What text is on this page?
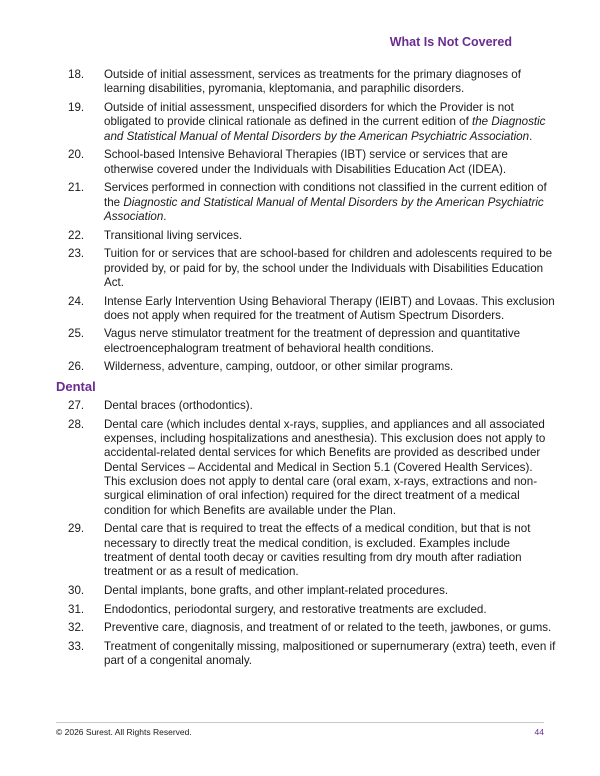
What Is Not Covered
18.	Outside of initial assessment, services as treatments for the primary diagnoses of learning disabilities, pyromania, kleptomania, and paraphilic disorders.
19.	Outside of initial assessment, unspecified disorders for which the Provider is not obligated to provide clinical rationale as defined in the current edition of the Diagnostic and Statistical Manual of Mental Disorders by the American Psychiatric Association.
20.	School-based Intensive Behavioral Therapies (IBT) service or services that are otherwise covered under the Individuals with Disabilities Education Act (IDEA).
21.	Services performed in connection with conditions not classified in the current edition of the Diagnostic and Statistical Manual of Mental Disorders by the American Psychiatric Association.
22.	Transitional living services.
23.	Tuition for or services that are school-based for children and adolescents required to be provided by, or paid for by, the school under the Individuals with Disabilities Education Act.
24.	Intense Early Intervention Using Behavioral Therapy (IEIBT) and Lovaas. This exclusion does not apply when required for the treatment of Autism Spectrum Disorders.
25.	Vagus nerve stimulator treatment for the treatment of depression and quantitative electroencephalogram treatment of behavioral health conditions.
26.	Wilderness, adventure, camping, outdoor, or other similar programs.
Dental
27.	Dental braces (orthodontics).
28.	Dental care (which includes dental x-rays, supplies, and appliances and all associated expenses, including hospitalizations and anesthesia). This exclusion does not apply to accidental-related dental services for which Benefits are provided as described under Dental Services – Accidental and Medical in Section 5.1 (Covered Health Services). This exclusion does not apply to dental care (oral exam, x-rays, extractions and non-surgical elimination of oral infection) required for the direct treatment of a medical condition for which Benefits are available under the Plan.
29.	Dental care that is required to treat the effects of a medical condition, but that is not necessary to directly treat the medical condition, is excluded. Examples include treatment of dental tooth decay or cavities resulting from dry mouth after radiation treatment or as a result of medication.
30.	Dental implants, bone grafts, and other implant-related procedures.
31.	Endodontics, periodontal surgery, and restorative treatments are excluded.
32.	Preventive care, diagnosis, and treatment of or related to the teeth, jawbones, or gums.
33.	Treatment of congenitally missing, malpositioned or supernumerary (extra) teeth, even if part of a congenital anomaly.
© 2026 Surest. All Rights Reserved.	44
